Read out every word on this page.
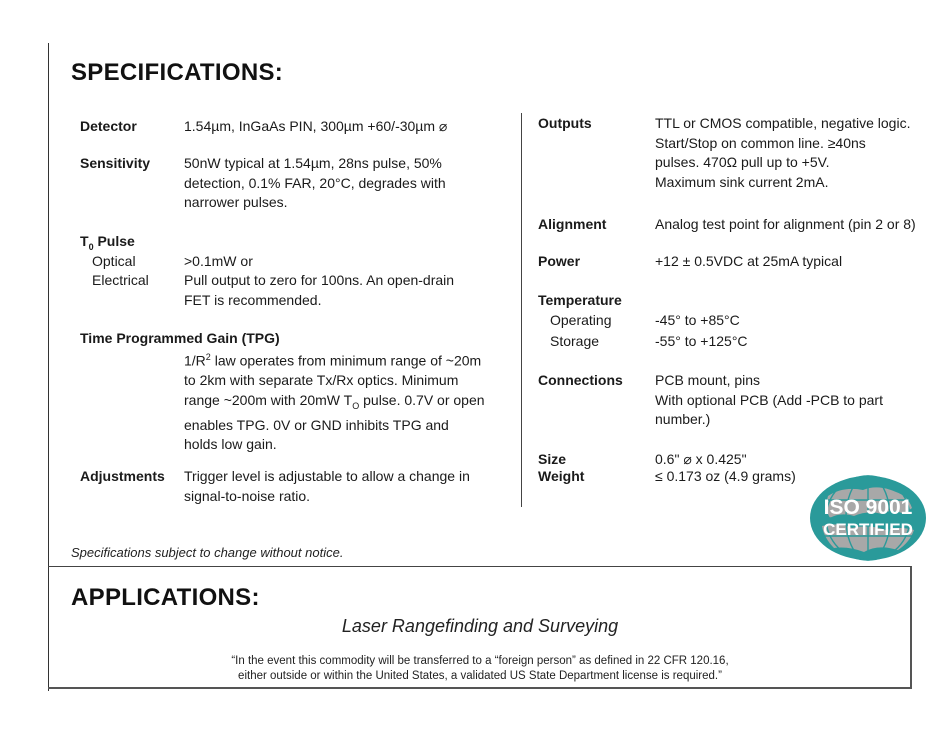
SPECIFICATIONS:
Detector	1.54µm, InGaAs PIN, 300µm +60/-30µm ⌀
Sensitivity 50nW typical at 1.54µm, 28ns pulse, 50%
detection, 0.1% FAR, 20°C, degrades with
narrower pulses.
$T_0$ Pulse
Optical	>0.1mW or
Electrical	Pull output to zero for 100ns. An open-drain
FET is recommended.
Time Programmed Gain (TPG)
$1/R^2$ law operates from minimum range of ~20m
to 2km with separate Tx/Rx optics. Minimum
range ~200m with 20mW $T_O$ pulse. 0.7V or open
enables TPG. 0V or GND inhibits TPG and
holds low gain.
Adjustments Trigger level is adjustable to allow a change in
signal-to-noise ratio.
Outputs	TTL or CMOS compatible, negative logic.
Start/Stop on common line. ≥40ns
pulses. 470Ω pull up to +5V.
Maximum sink current 2mA.
Alignment	Analog test point for alignment (pin 2 or 8)
Power	+12 ± 0.5VDC at 25mA typical
Temperature
Operating	-45° to +85°C
Storage	-55° to +125°C
Connections PCB mount, pins
With optional PCB (Add -PCB to part
number.)
Size	0.6" ⌀ x 0.425"
Weight	≤ 0.173 oz (4.9 grams)
ISO 9001
CERTIFIED
Specifications subject to change without notice.
APPLICATIONS:
Laser Rangefinding and Surveying
“In the event this commodity will be transferred to a “foreign person” as defined in 22 CFR 120.16,
either outside or within the United States, a validated US State Department license is required.”
